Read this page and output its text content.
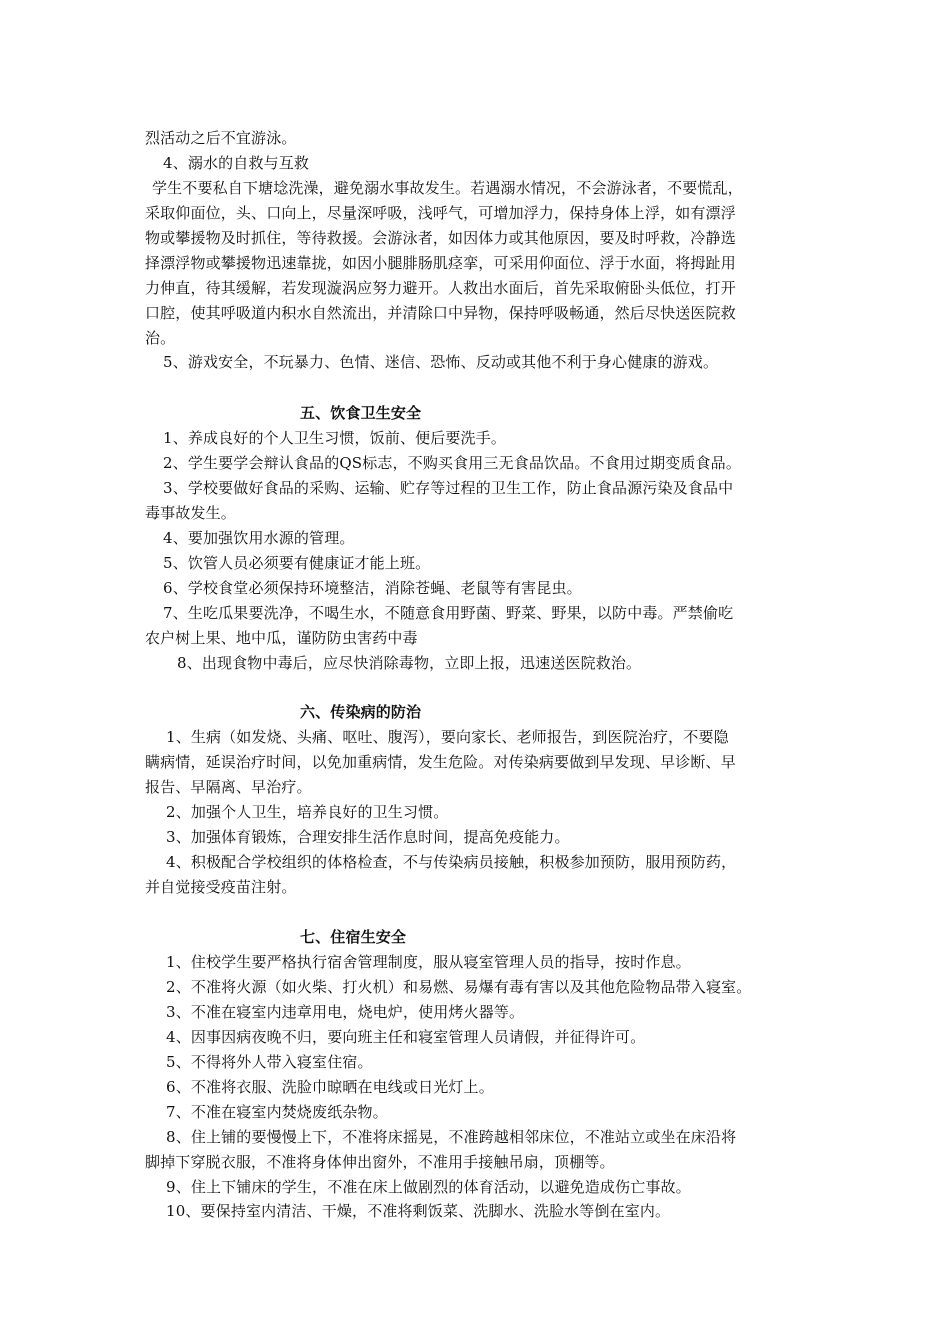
烈活动之后不宜游泳。
4、溺水的自救与互救
学生不要私自下塘埝洗澡，避免溺水事故发生。若遇溺水情况，不会游泳者，不要慌乱，
采取仰面位，头、口向上，尽量深呼吸，浅呼气，可增加浮力，保持身体上浮，如有漂浮
物或攀援物及时抓住，等待救援。会游泳者，如因体力或其他原因，要及时呼救，冷静选
择漂浮物或攀援物迅速靠拢，如因小腿腓肠肌痉挛，可采用仰面位、浮于水面，将拇趾用
力伸直，待其缓解，若发现漩涡应努力避开。人救出水面后，首先采取俯卧头低位，打开
口腔，使其呼吸道内积水自然流出，并清除口中异物，保持呼吸畅通，然后尽快送医院救
治。
5、游戏安全，不玩暴力、色情、迷信、恐怖、反动或其他不利于身心健康的游戏。
五、饮食卫生安全
1、养成良好的个人卫生习惯，饭前、便后要洗手。
2、学生要学会辩认食品的QS标志，不购买食用三无食品饮品。不食用过期变质食品。
3、学校要做好食品的采购、运输、贮存等过程的卫生工作，防止食品源污染及食品中
毒事故发生。
4、要加强饮用水源的管理。
5、饮管人员必须要有健康证才能上班。
6、学校食堂必须保持环境整洁，消除苍蝇、老鼠等有害昆虫。
7、生吃瓜果要洗净，不喝生水，不随意食用野菌、野菜、野果，以防中毒。严禁偷吃
农户树上果、地中瓜，谨防防虫害药中毒
8、出现食物中毒后，应尽快消除毒物，立即上报，迅速送医院救治。
六、传染病的防治
1、生病（如发烧、头痛、呕吐、腹泻），要向家长、老师报告，到医院治疗，不要隐
瞒病情，延误治疗时间，以免加重病情，发生危险。对传染病要做到早发现、早诊断、早
报告、早隔离、早治疗。
2、加强个人卫生，培养良好的卫生习惯。
3、加强体育锻炼，合理安排生活作息时间，提高免疫能力。
4、积极配合学校组织的体格检查，不与传染病员接触，积极参加预防，服用预防药，
并自觉接受疫苗注射。
七、住宿生安全
1、住校学生要严格执行宿舍管理制度，服从寝室管理人员的指导，按时作息。
2、不准将火源（如火柴、打火机）和易燃、易爆有毒有害以及其他危险物品带入寝室。
3、不准在寝室内违章用电，烧电炉，使用烤火器等。
4、因事因病夜晚不归，要向班主任和寝室管理人员请假，并征得许可。
5、不得将外人带入寝室住宿。
6、不准将衣服、洗脸巾晾晒在电线或日光灯上。
7、不准在寝室内焚烧废纸杂物。
8、住上铺的要慢慢上下，不准将床摇晃，不准跨越相邻床位，不准站立或坐在床沿将
脚掉下穿脱衣服，不准将身体伸出窗外，不准用手接触吊扇，顶棚等。
9、住上下铺床的学生，不准在床上做剧烈的体育活动，以避免造成伤亡事故。
10、要保持室内清洁、干燥，不准将剩饭菜、洗脚水、洗脸水等倒在室内。
